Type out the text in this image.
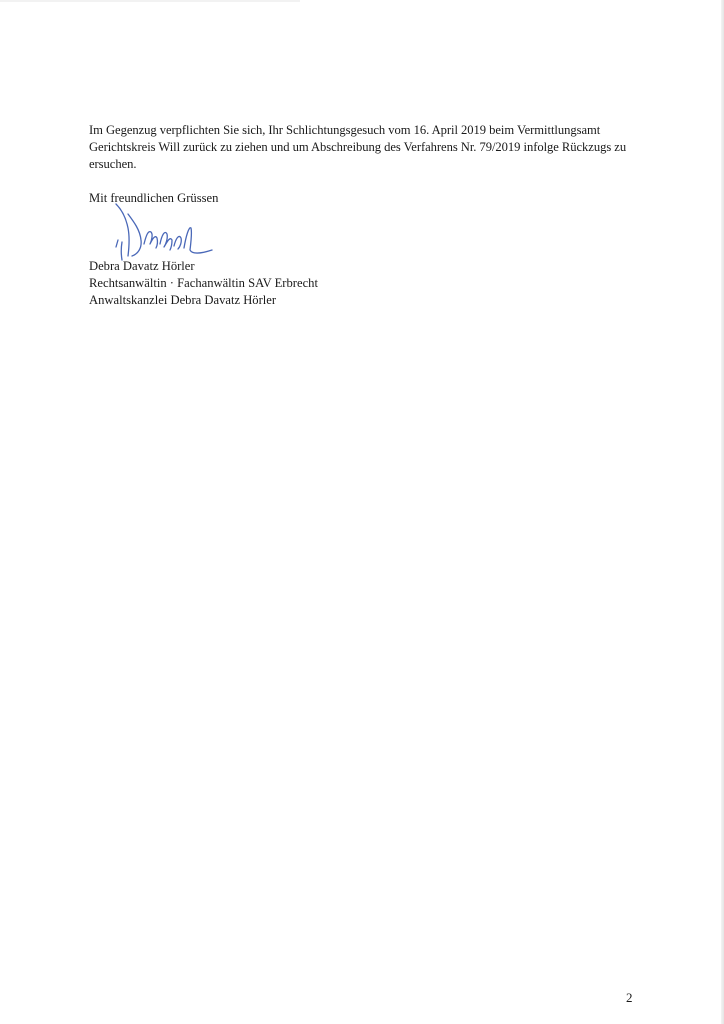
Im Gegenzug verpflichten Sie sich, Ihr Schlichtungsgesuch vom 16. April 2019 beim Vermittlungsamt Gerichtskreis Will zurück zu ziehen und um Abschreibung des Verfahrens Nr. 79/2019 infolge Rückzugs zu ersuchen.

Mit freundlichen Grüssen

Debra Davatz Hörler
Rechtsanwältin · Fachanwältin SAV Erbrecht
Anwaltskanzlei Debra Davatz Hörler
2
